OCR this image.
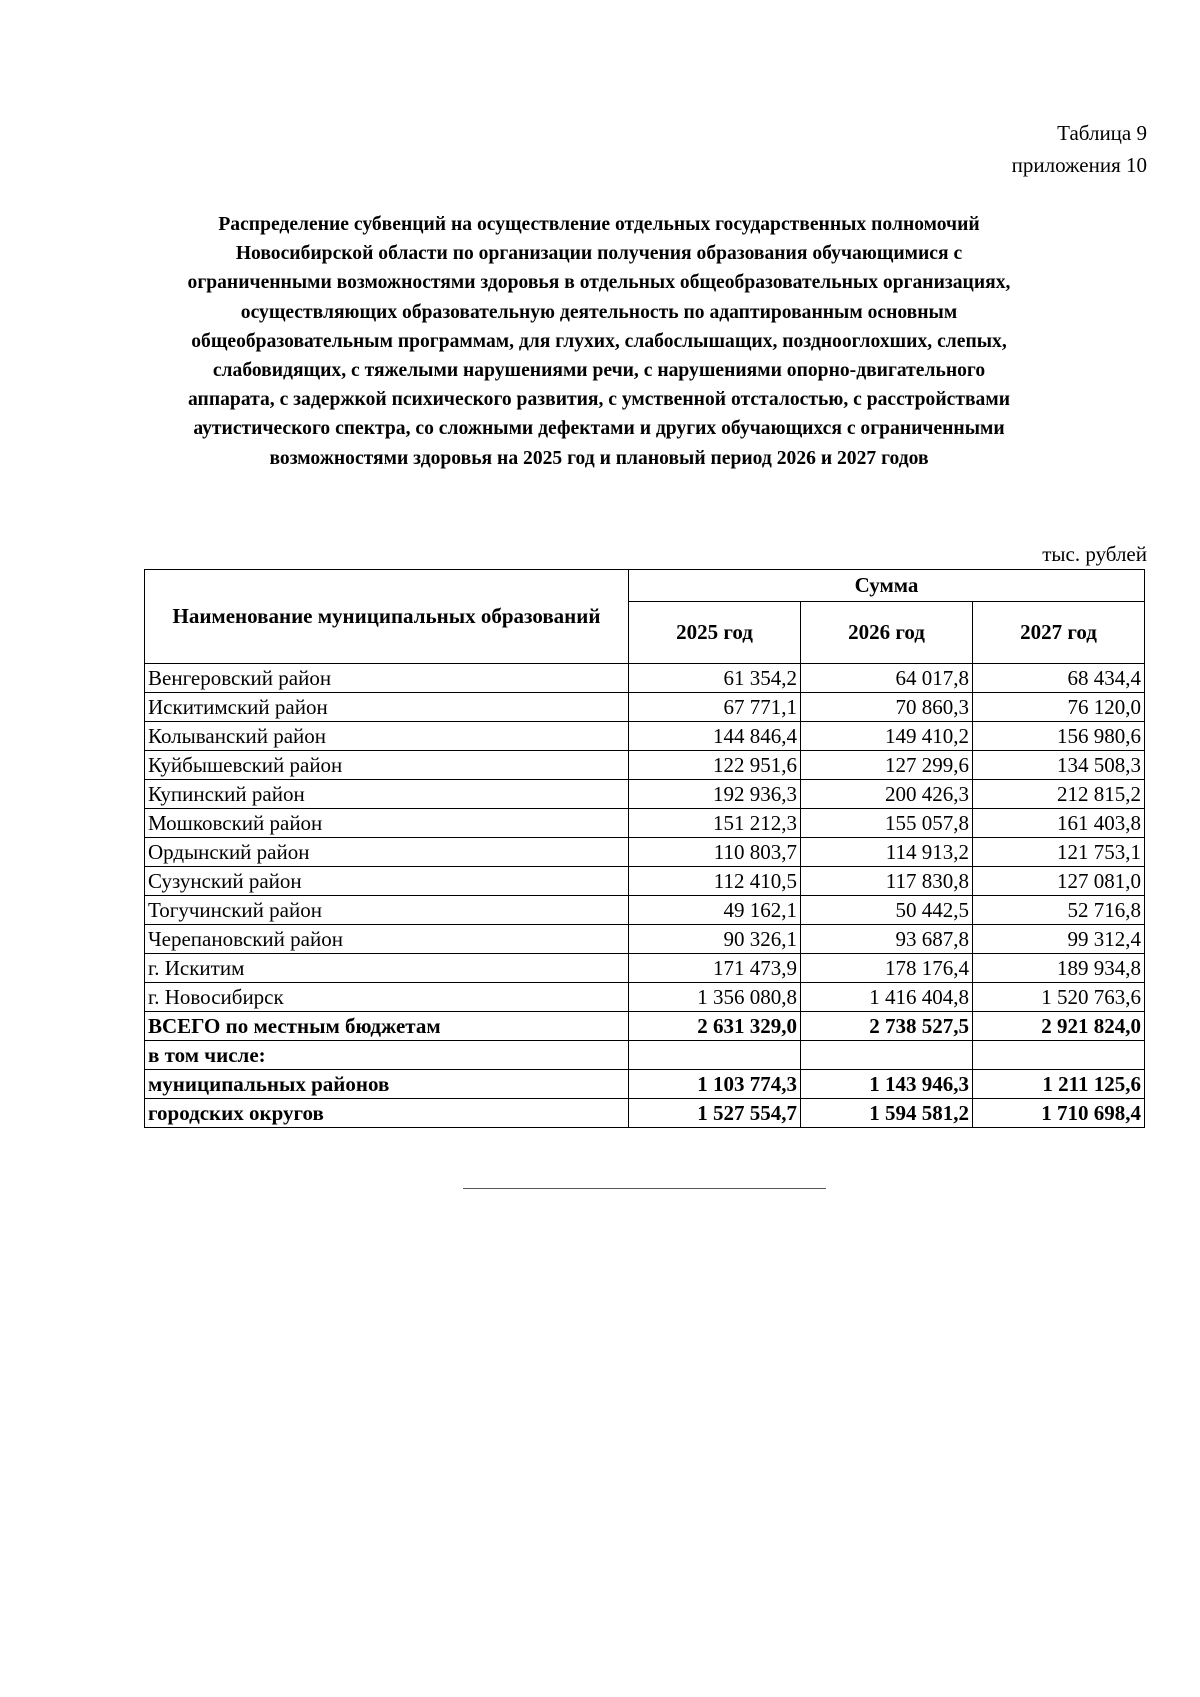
Таблица 9
приложения 10
Распределение субвенций на осуществление отдельных государственных полномочий
Новосибирской области по организации получения образования обучающимися с
ограниченными возможностями здоровья в отдельных общеобразовательных организациях,
осуществляющих образовательную деятельность по адаптированным основным
общеобразовательным программам, для глухих, слабослышащих, позднооглохших, слепых,
слабовидящих, с тяжелыми нарушениями речи, с нарушениями опорно-двигательного
аппарата, с задержкой психического развития, с умственной отсталостью, с расстройствами
аутистического спектра, со сложными дефектами и других обучающихся с ограниченными
возможностями здоровья на 2025 год и плановый период 2026 и 2027 годов
тыс. рублей
Наименование муниципальных образований	Сумма		
	2025 год	2026 год	2027 год
Венгеровский район	61 354,2	64 017,8	68 434,4
Искитимский район	67 771,1	70 860,3	76 120,0
Колыванский район	144 846,4	149 410,2	156 980,6
Куйбышевский район	122 951,6	127 299,6	134 508,3
Купинский район	192 936,3	200 426,3	212 815,2
Мошковский район	151 212,3	155 057,8	161 403,8
Ордынский район	110 803,7	114 913,2	121 753,1
Сузунский район	112 410,5	117 830,8	127 081,0
Тогучинский район	49 162,1	50 442,5	52 716,8
Черепановский район	90 326,1	93 687,8	99 312,4
г. Искитим	171 473,9	178 176,4	189 934,8
г. Новосибирск	1 356 080,8	1 416 404,8	1 520 763,6
ВСЕГО по местным бюджетам	2 631 329,0	2 738 527,5	2 921 824,0
в том числе:			
муниципальных районов	1 103 774,3	1 143 946,3	1 211 125,6
городских округов	1 527 554,7	1 594 581,2	1 710 698,4
